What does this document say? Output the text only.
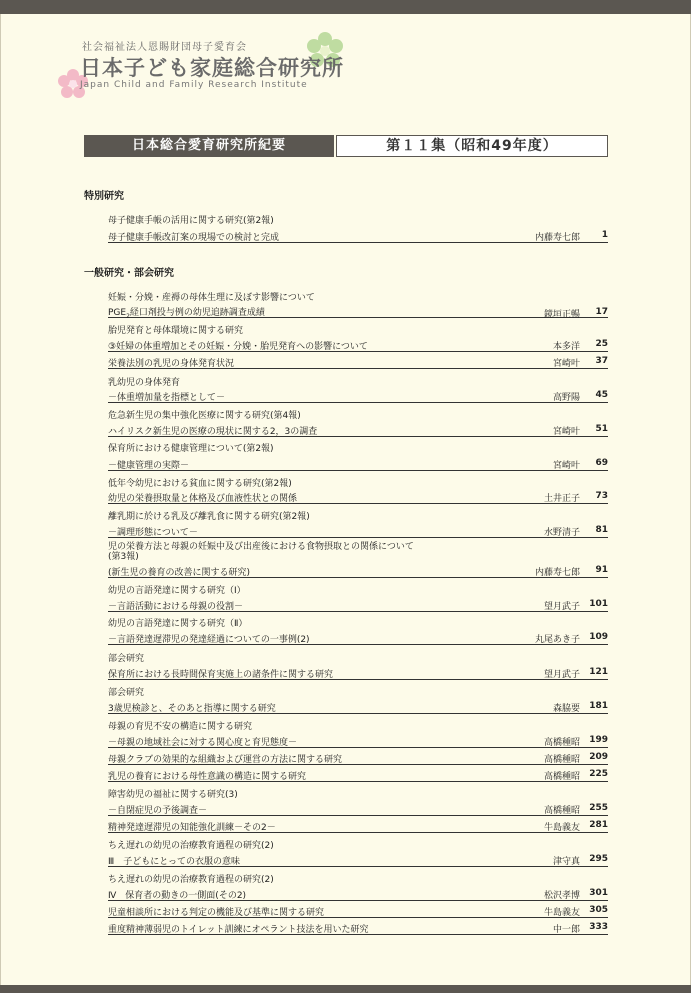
社会福祉法人恩賜財団母子愛育会
日本子ども家庭総合研究所
Japan Child and Family Research Institute
日本総合愛育研究所紀要	第１１集（昭和49年度）
特別研究
母子健康手帳の活用に関する研究(第2報)
母子健康手帳改訂案の現場での検討と完成	内藤寿七郎	1
一般研究・部会研究
妊娠・分娩・産褥の母体生理に及ぼす影響について
$PGE_2$経口剤投与例の幼児追跡調査成績	鏡垣正暢	17
胎児発育と母体環境に関する研究
③妊婦の体重増加とその妊娠・分娩・胎児発育への影響について	本多洋	25
栄養法別の乳児の身体発育状況	宮崎叶	37
乳幼児の身体発育
－体重増加量を指標として－	高野陽	45
危急新生児の集中強化医療に関する研究(第4報)
ハイリスク新生児の医療の現状に関する2，3の調査	宮崎叶	51
保育所における健康管理について(第2報)
－健康管理の実際－	宮崎叶	69
低年令幼児における貧血に関する研究(第2報)
幼児の栄養摂取量と体格及び血液性状との関係	土井正子	73
離乳期に於ける乳及び離乳食に関する研究(第2報)
－調理形態について－	水野清子	81
児の栄養方法と母親の妊娠中及び出産後における食物摂取との関係について
(第3報)
(新生児の養育の改善に関する研究)	内藤寿七郎	91
幼児の言語発達に関する研究（Ⅰ）
－言語活動における母親の役割－	望月武子	101
幼児の言語発達に関する研究（Ⅱ）
－言語発達遅滞児の発達経過についての一事例(2)	丸尾あき子	109
部会研究
保育所における長時間保育実施上の諸条件に関する研究	望月武子	121
部会研究
3歳児検診と、そのあと指導に関する研究	森脇要	181
母親の育児不安の構造に関する研究
－母親の地域社会に対する関心度と育児態度－	高橋種昭	199
母親クラブの効果的な組織および運営の方法に関する研究	高橋種昭	209
乳児の養育における母性意識の構造に関する研究	高橋種昭	225
障害幼児の福祉に関する研究(3)
－自閉症児の予後調査－	高橋種昭	255
精神発達遅滞児の知能強化訓練－その2－	牛島義友	281
ちえ遅れの幼児の治療教育過程の研究(2)
Ⅲ　子どもにとっての衣服の意味	津守真	295
ちえ遅れの幼児の治療教育過程の研究(2)
Ⅳ　保育者の動きの一側面(その2)	松沢孝博	301
児童相談所における判定の機能及び基準に関する研究	牛島義友	305
重度精神薄弱児のトイレット訓練にオペラント技法を用いた研究	中一郎	333
